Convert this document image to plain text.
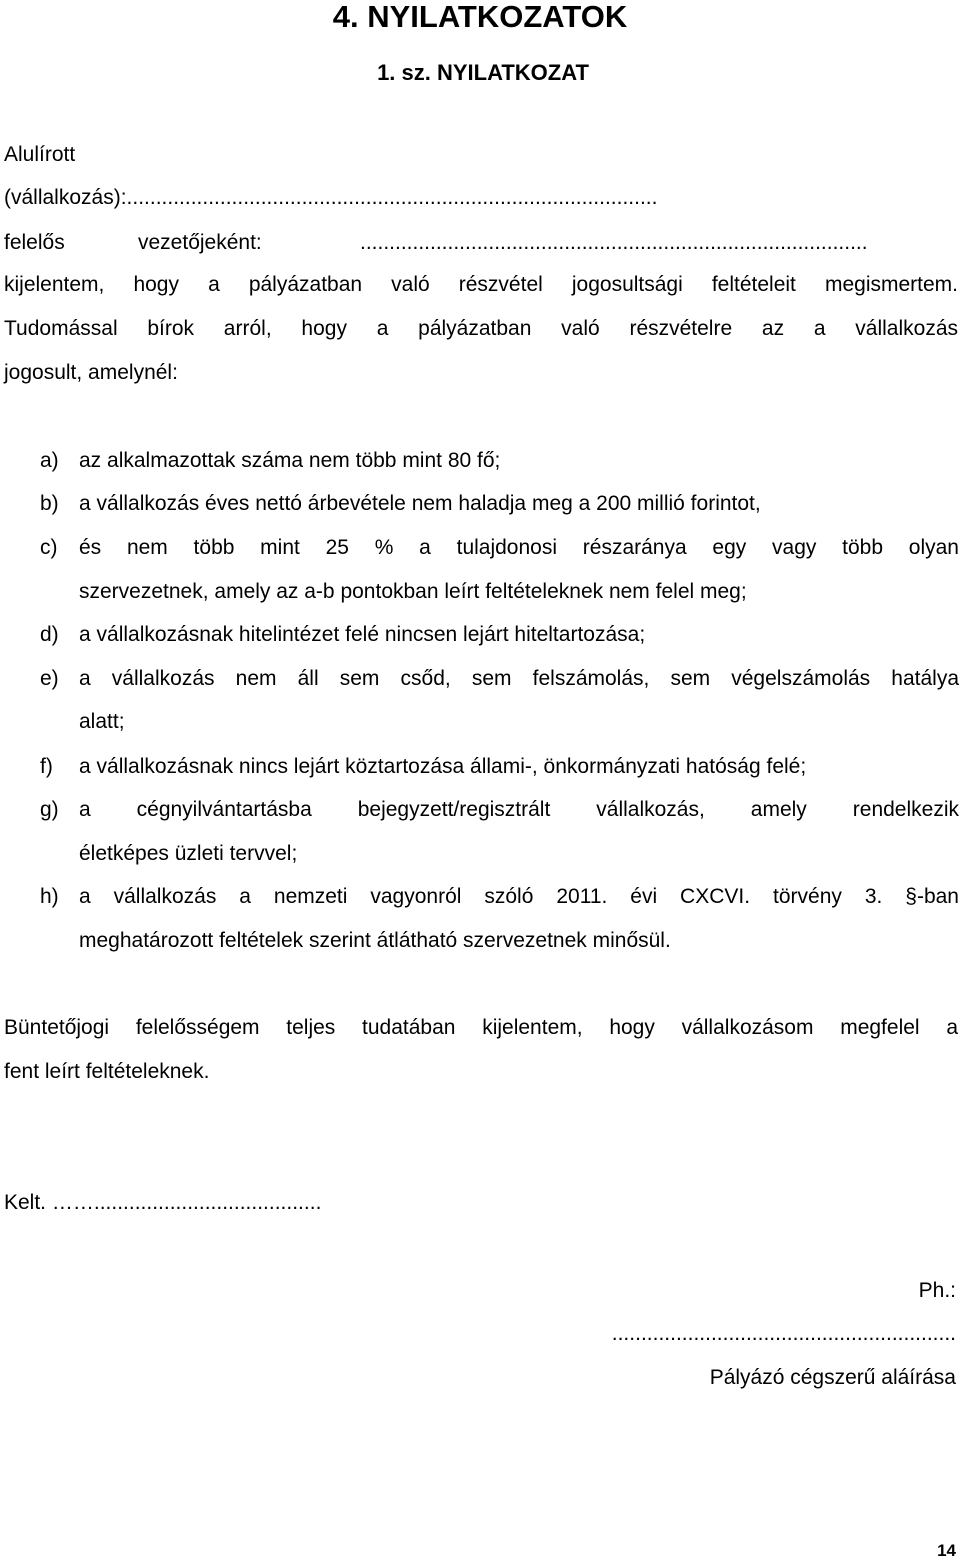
4. NYILATKOZATOK
1. sz. NYILATKOZAT
Alulírott
(vállalkozás):...........................................................................................
felelős	vezetőjeként:	.......................................................................................
kijelentem, hogy a pályázatban való részvétel jogosultsági feltételeit megismertem.
Tudomással bírok arról, hogy a pályázatban való részvételre az a vállalkozás
jogosult, amelynél:
a) az alkalmazottak száma nem több mint 80 fő;
b) a vállalkozás éves nettó árbevétele nem haladja meg a 200 millió forintot,
c) és nem több mint 25 % a tulajdonosi részaránya egy vagy több olyan
szervezetnek, amely az a-b pontokban leírt feltételeknek nem felel meg;
d) a vállalkozásnak hitelintézet felé nincsen lejárt hiteltartozása;
e) a vállalkozás nem áll sem csőd, sem felszámolás, sem végelszámolás hatálya
alatt;
f) a vállalkozásnak nincs lejárt köztartozása állami-, önkormányzati hatóság felé;
g) a cégnyilvántartásba bejegyzett/regisztrált vállalkozás, amely rendelkezik
életképes üzleti tervvel;
h) a vállalkozás a nemzeti vagyonról szóló 2011. évi CXCVI. törvény 3. §-ban
meghatározott feltételek szerint átlátható szervezetnek minősül.
Büntetőjogi felelősségem teljes tudatában kijelentem, hogy vállalkozásom megfelel a
fent leírt feltételeknek.
Kelt. …….......................................
Ph.:
...........................................................
Pályázó cégszerű aláírása
14
